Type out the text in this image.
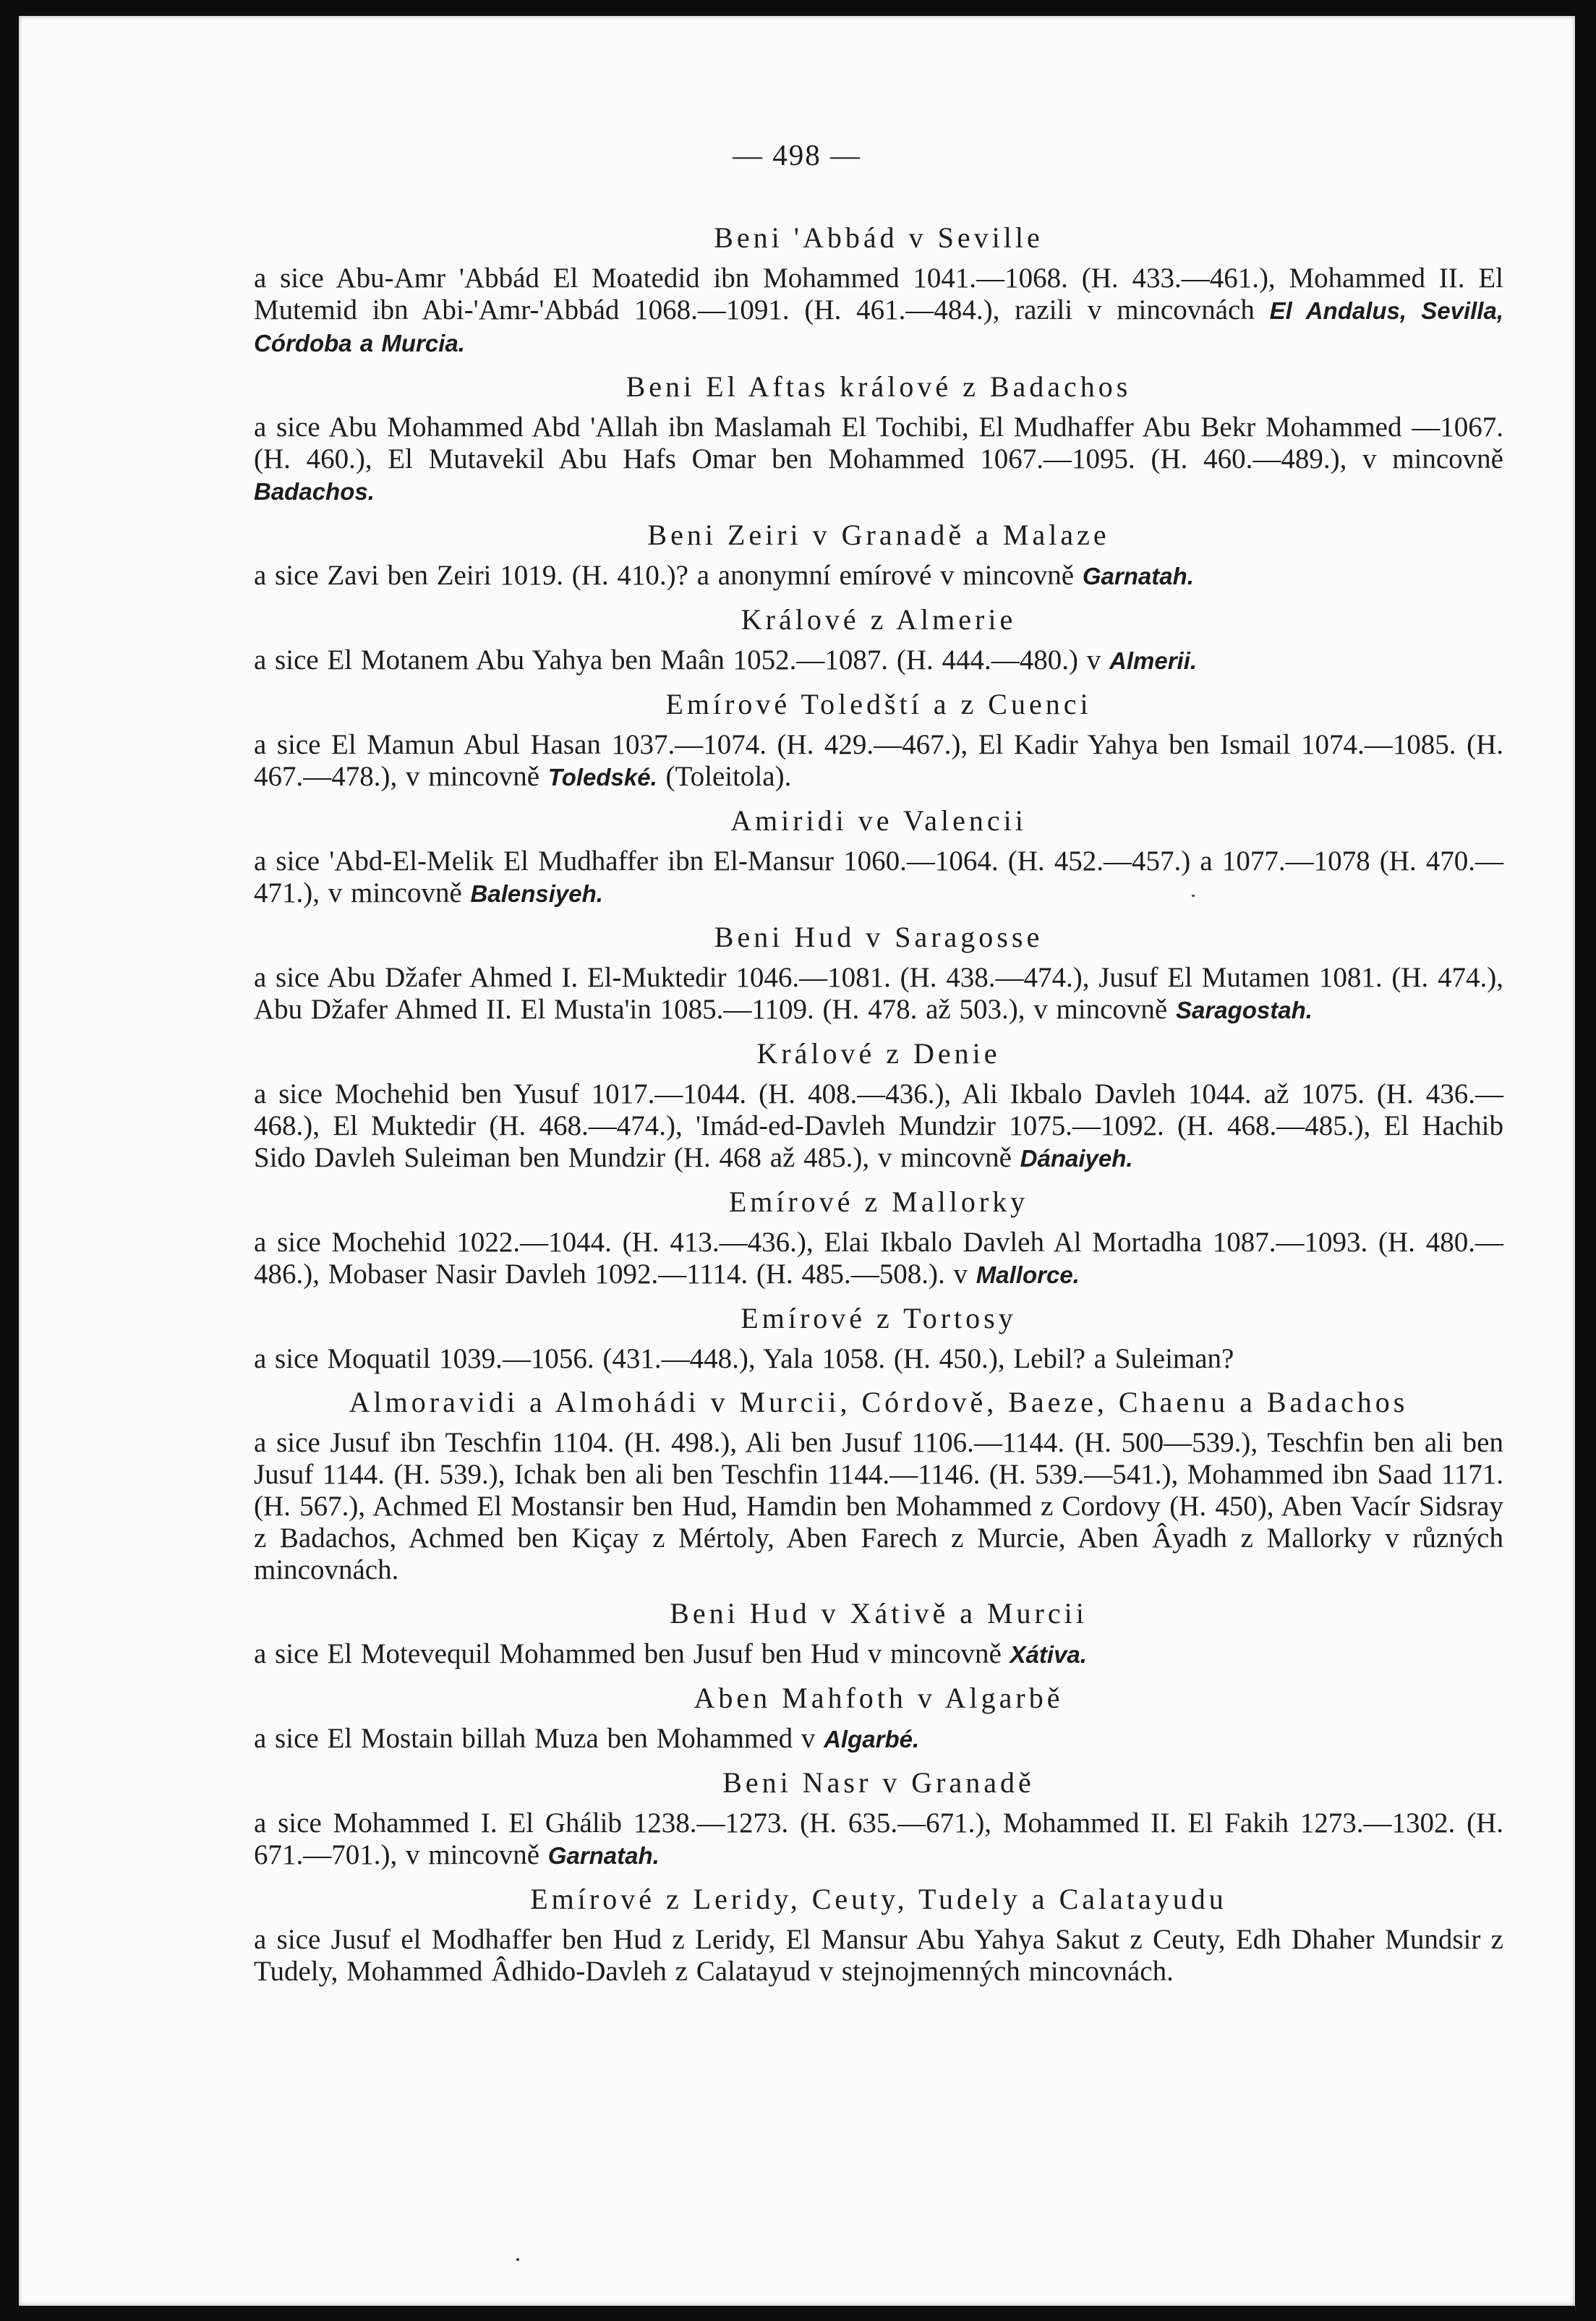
— 498 —
Beni 'Abbád v Seville

a sice Abu-Amr 'Abbád El Moatedid ibn Mohammed 1041.—1068. (H. 433.—461.), Mohammed II. El Mutemid ibn Abi-'Amr-'Abbád 1068.—1091. (H. 461.—484.), razili v mincovnách El Andalus, Sevilla, Córdoba a Murcia.

Beni El Aftas králové z Badachos

a sice Abu Mohammed Abd 'Allah ibn Maslamah El Tochibi, El Mudhaffer Abu Bekr Mohammed —1067. (H. 460.), El Mutavekil Abu Hafs Omar ben Mohammed 1067.—1095. (H. 460.—489.), v mincovně Badachos.

Beni Zeiri v Granadě a Malaze

a sice Zavi ben Zeiri 1019. (H. 410.)? a anonymní emírové v mincovně Garnatah.

Králové z Almerie

a sice El Motanem Abu Yahya ben Maân 1052.—1087. (H. 444.—480.) v Almerii.

Emírové Toledští a z Cuenci

a sice El Mamun Abul Hasan 1037.—1074. (H. 429.—467.), El Kadir Yahya ben Ismail 1074.—1085. (H. 467.—478.), v mincovně Toledské. (Toleitola).

Amiridi ve Valencii

a sice 'Abd-El-Melik El Mudhaffer ibn El-Mansur 1060.—1064. (H. 452.—457.) a 1077.—1078 (H. 470.—471.), v mincovně Balensiyeh.

Beni Hud v Saragosse

a sice Abu Džafer Ahmed I. El-Muktedir 1046.—1081. (H. 438.—474.), Jusuf El Mutamen 1081. (H. 474.), Abu Džafer Ahmed II. El Musta'in 1085.—1109. (H. 478. až 503.), v mincovně Saragostah.

Králové z Denie

a sice Mochehid ben Yusuf 1017.—1044. (H. 408.—436.), Ali Ikbalo Davleh 1044. až 1075. (H. 436.—468.), El Muktedir (H. 468.—474.), 'Imád-ed-Davleh Mundzir 1075.—1092. (H. 468.—485.), El Hachib Sido Davleh Suleiman ben Mundzir (H. 468 až 485.), v mincovně Dánaiyeh.

Emírové z Mallorky

a sice Mochehid 1022.—1044. (H. 413.—436.), Elai Ikbalo Davleh Al Mortadha 1087.—1093. (H. 480.—486.), Mobaser Nasir Davleh 1092.—1114. (H. 485.—508.). v Mallorce.

Emírové z Tortosy

a sice Moquatil 1039.—1056. (431.—448.), Yala 1058. (H. 450.), Lebil? a Suleiman?

Almoravidi a Almohádi v Murcii, Córdově, Baeze, Chaenu a Badachos

a sice Jusuf ibn Teschfin 1104. (H. 498.), Ali ben Jusuf 1106.—1144. (H. 500—539.), Teschfin ben ali ben Jusuf 1144. (H. 539.), Ichak ben ali ben Teschfin 1144.—1146. (H. 539.—541.), Mohammed ibn Saad 1171. (H. 567.), Achmed El Mostansir ben Hud, Hamdin ben Mohammed z Cordovy (H. 450), Aben Vacír Sidsray z Badachos, Achmed ben Kiçay z Mértoly, Aben Farech z Murcie, Aben Âyadh z Mallorky v různých mincovnách.

Beni Hud v Xátivě a Murcii

a sice El Motevequil Mohammed ben Jusuf ben Hud v mincovně Xátiva.

Aben Mahfoth v Algarbě

a sice El Mostain billah Muza ben Mohammed v Algarbé.

Beni Nasr v Granadě

a sice Mohammed I. El Ghálib 1238.—1273. (H. 635.—671.), Mohammed II. El Fakih 1273.—1302. (H. 671.—701.), v mincovně Garnatah.

Emírové z Leridy, Ceuty, Tudely a Calatayudu

a sice Jusuf el Modhaffer ben Hud z Leridy, El Mansur Abu Yahya Sakut z Ceuty, Edh Dhaher Mundsir z Tudely, Mohammed Âdhido-Davleh z Calatayud v stejnojmenných mincovnách.
